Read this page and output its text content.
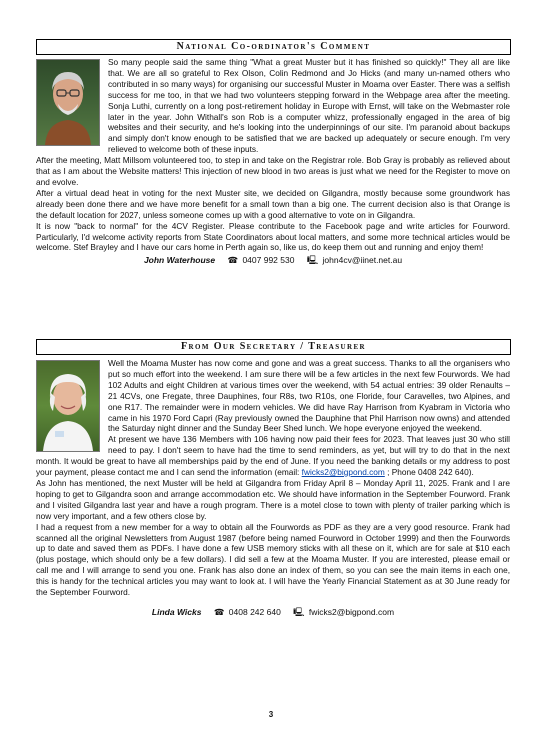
National Co-ordinator's Comment

So many people said the same thing "What a great Muster but it has finished so quickly!" They all are like that. We are all so grateful to Rex Olson, Colin Redmond and Jo Hicks (and many un-named others who contributed in so many ways) for organising our successful Muster in Moama over Easter. There was a selfish success for me too, in that we had two volunteers stepping forward in the Webpage area after the meeting. Sonja Luthi, currently on a long post-retirement holiday in Europe with Ernst, will take on the Webmaster role later in the year. John Withall's son Rob is a computer whizz, professionally engaged in the area of big websites and their security, and he's looking into the underpinnings of our site. I'm paranoid about backups and simply don't know enough to be satisfied that we are backed up adequately or secure enough. I'm very relieved to welcome both of these inputs.

After the meeting, Matt Millsom volunteered too, to step in and take on the Registrar role. Bob Gray is probably as relieved about that as I am about the Website matters! This injection of new blood in two areas is just what we need for the Register to move on and evolve.

After a virtual dead heat in voting for the next Muster site, we decided on Gilgandra, mostly because some groundwork has already been done there and we have more benefit for a small town than a big one. The current decision also is that Orange is the default location for 2027, unless someone comes up with a good alternative to vote on in Gilgandra.

It is now "back to normal" for the 4CV Register. Please contribute to the Facebook page and write articles for Fourword. Particularly, I'd welcome activity reports from State Coordinators about local matters, and some more technical articles would be welcome. Stef Brayley and I have our cars home in Perth again so, like us, do keep them out and running and enjoy them!

John Waterhouse ☎ 0407 992 530 🖳 john4cv@iinet.net.au
From Our Secretary / Treasurer

Well the Moama Muster has now come and gone and was a great success. Thanks to all the organisers who put so much effort into the weekend. I am sure there will be a few articles in the next few Fourwords. We had 102 Adults and eight Children at various times over the weekend, with 54 actual entries: 39 older Renaults – 21 4CVs, one Fregate, three Dauphines, four R8s, two R10s, one Floride, four Caravelles, two Alpines, and one R17. The remainder were in modern vehicles. We did have Ray Harrison from Kyabram in Victoria who came in his 1970 Ford Capri (Ray previously owned the Dauphine that Phil Harrison now owns) and attended the Saturday night dinner and the Sunday Beer Shed lunch. We hope everyone enjoyed the weekend.

At present we have 136 Members with 106 having now paid their fees for 2023. That leaves just 30 who still need to pay. I don't seem to have had the time to send reminders, as yet, but will try to do that in the next month. It would be great to have all memberships paid by the end of June. If you need the banking details or my address to post your payment, please contact me and I can send the information (email: fwicks2@bigpond.com ; Phone 0408 242 640).

As John has mentioned, the next Muster will be held at Gilgandra from Friday April 8 – Monday April 11, 2025. Frank and I are hoping to get to Gilgandra soon and arrange accommodation etc. We should have information in the September Fourword. Frank and I visited Gilgandra last year and have a rough program. There is a motel close to town with plenty of trailer parking which is now very important, and a few others close by.

I had a request from a new member for a way to obtain all the Fourwords as PDF as they are a very good resource. Frank had scanned all the original Newsletters from August 1987 (before being named Fourword in October 1999) and then the Fourwords up to date and saved them as PDFs. I have done a few USB memory sticks with all these on it, which are for sale at $10 each (plus postage, which should only be a few dollars). I did sell a few at the Moama Muster. If you are interested, please email or call me and I will arrange to send you one. Frank has also done an index of them, so you can see the main items in each one, this is handy for the technical articles you may want to look at. I will have the Yearly Financial Statement as at 30 June ready for the September Fourword.

Linda Wicks ☎ 0408 242 640 🖳 fwicks2@bigpond.com
3
